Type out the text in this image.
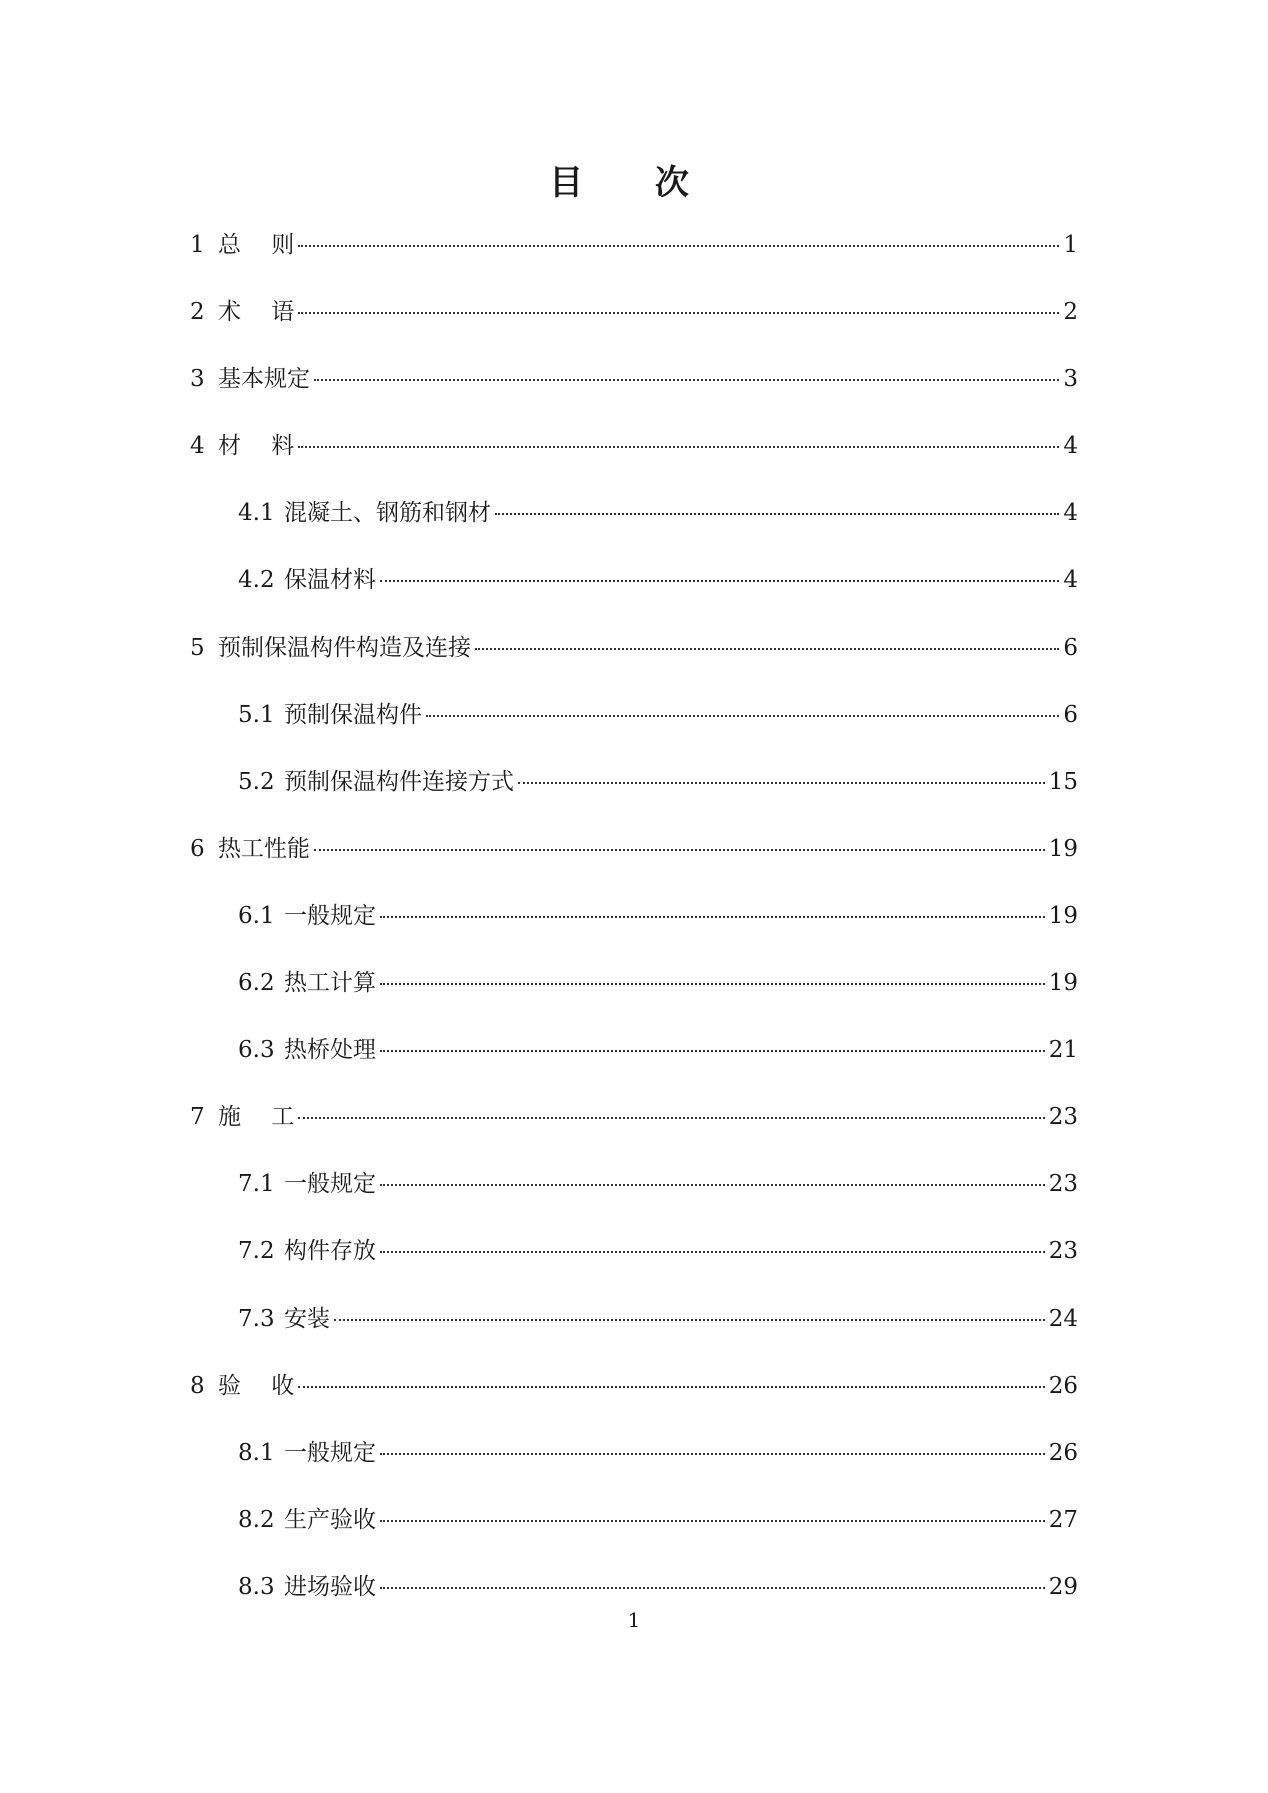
目 次
1 总　 则	1
2 术　 语	2
3 基本规定	3
4 材　 料	4
4.1 混凝土、钢筋和钢材	4
4.2 保温材料	4
5 预制保温构件构造及连接	6
5.1 预制保温构件	6
5.2 预制保温构件连接方式	15
6 热工性能	19
6.1 一般规定	19
6.2 热工计算	19
6.3 热桥处理	21
7 施　 工	23
7.1 一般规定	23
7.2 构件存放	23
7.3 安装	24
8 验　 收	26
8.1 一般规定	26
8.2 生产验收	27
8.3 进场验收	29
1
